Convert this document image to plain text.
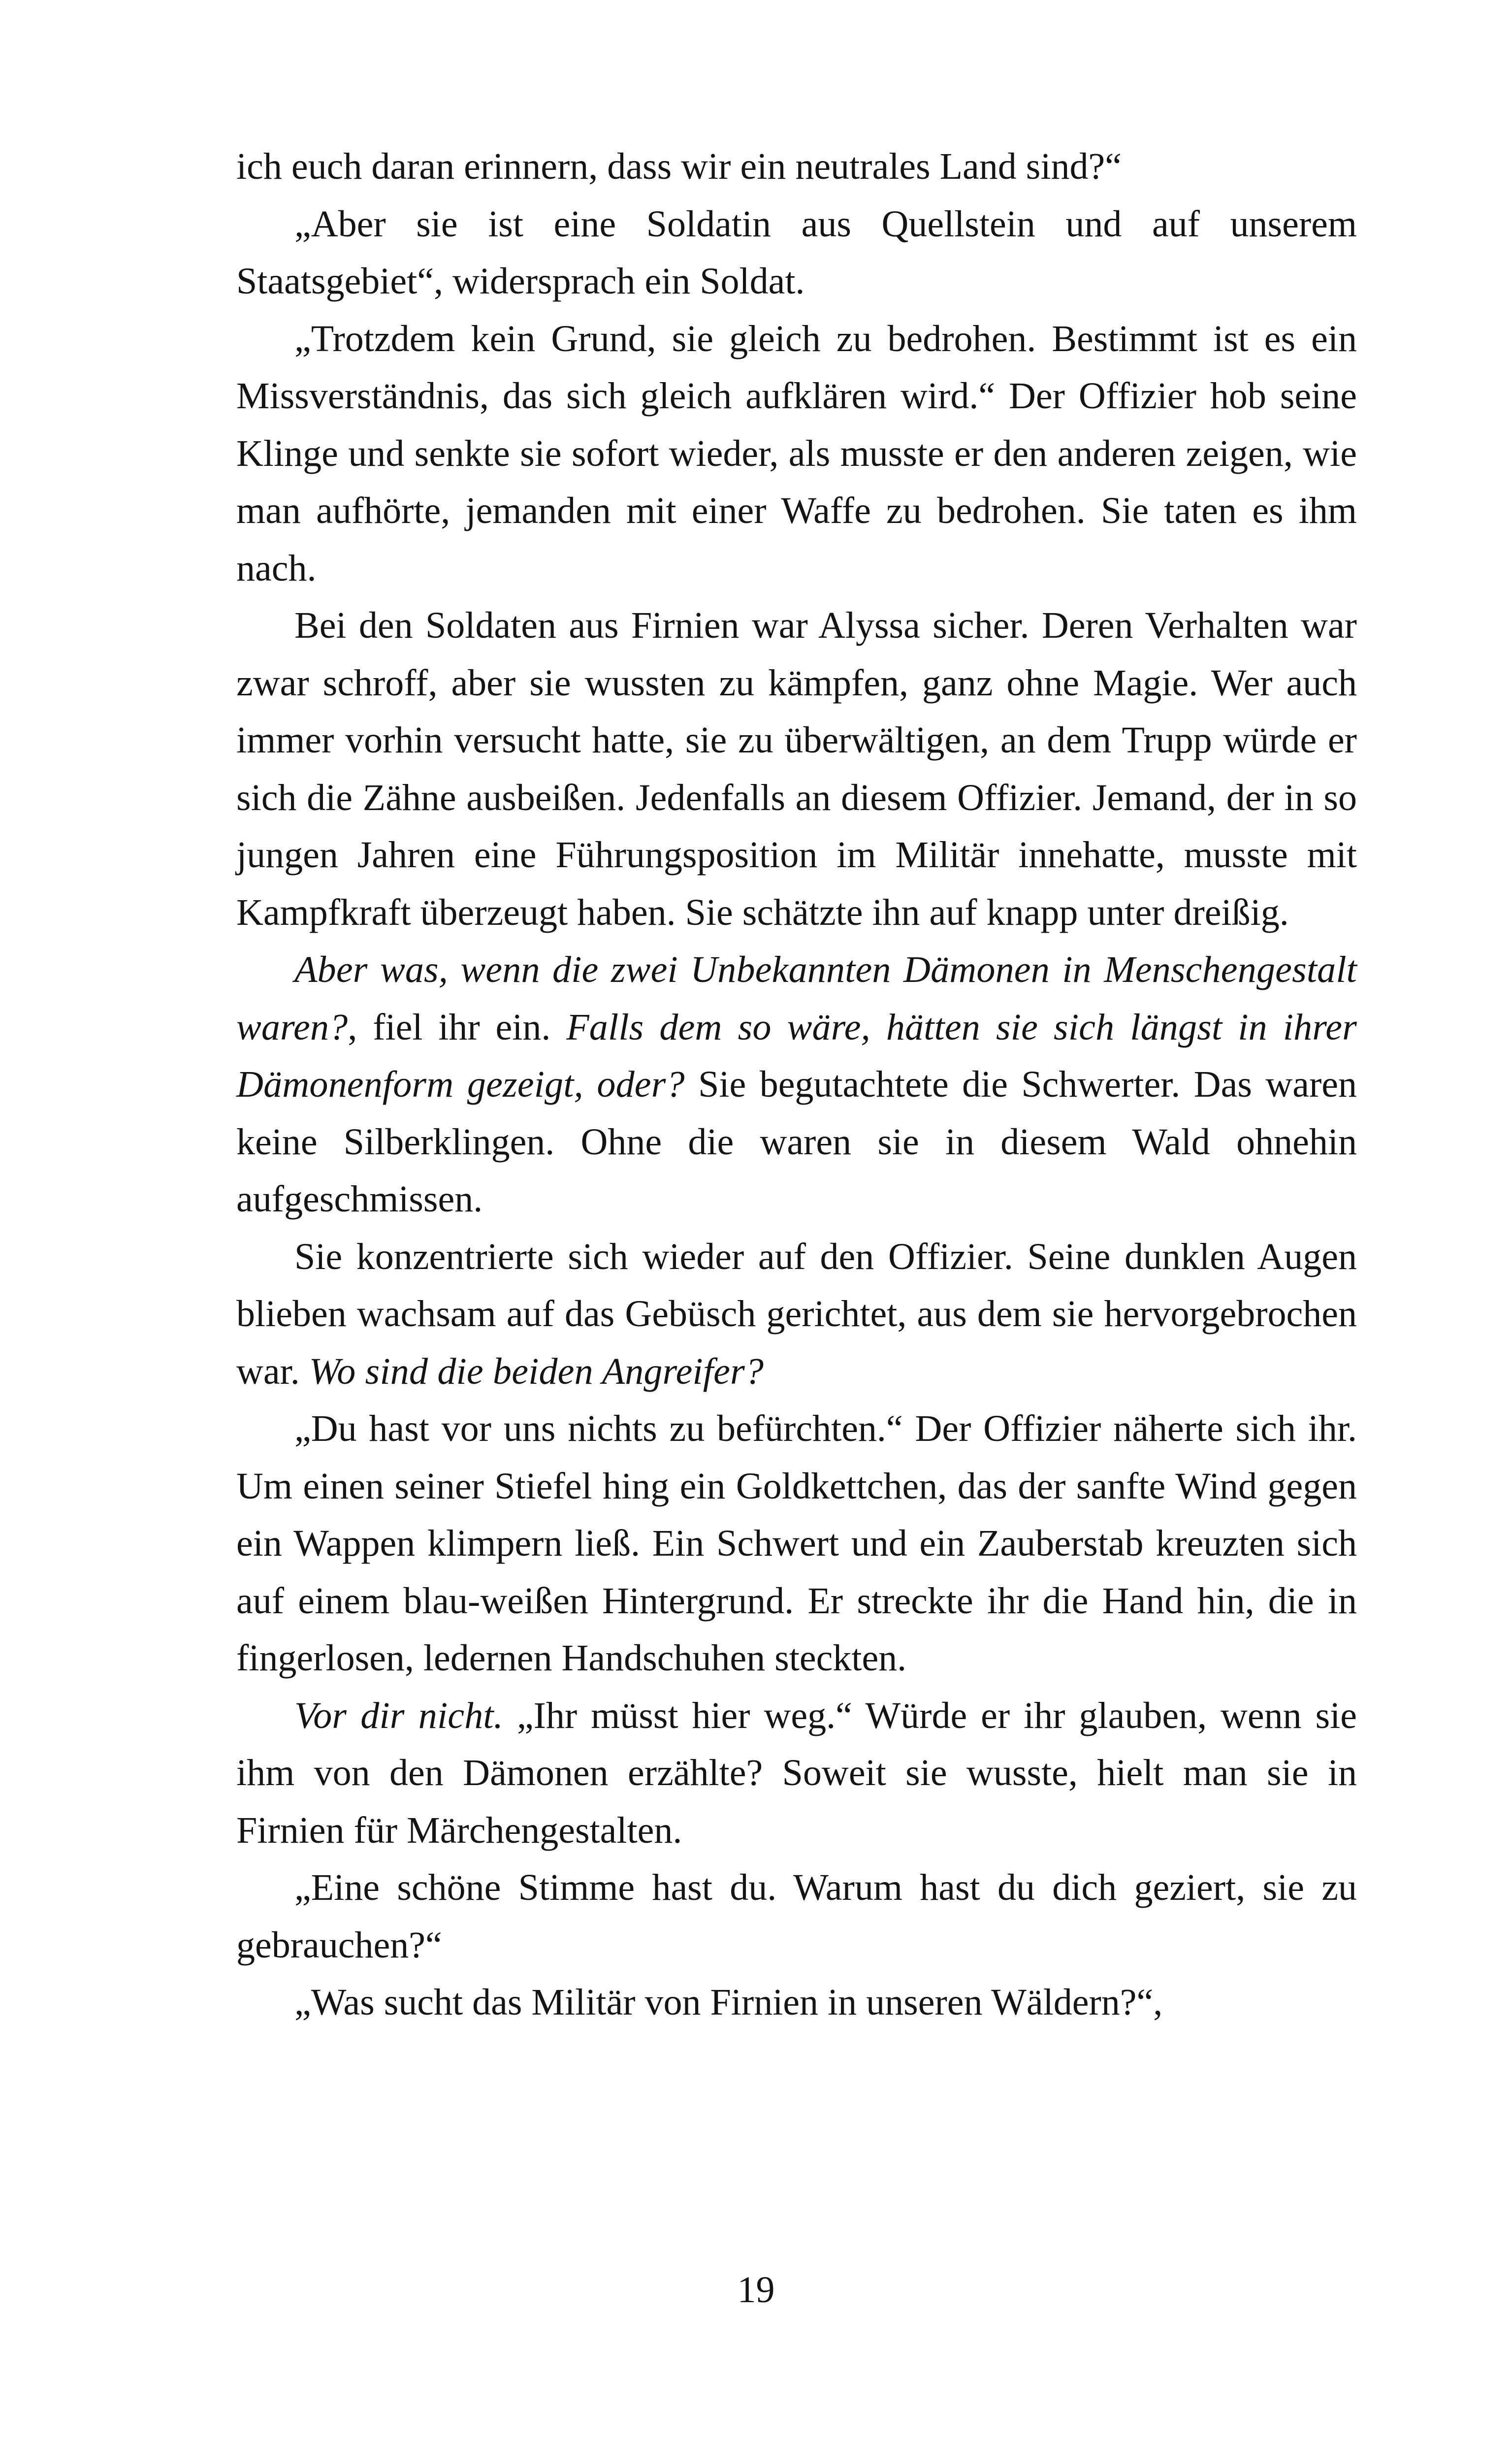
ich euch daran erinnern, dass wir ein neutrales Land sind?“

„Aber sie ist eine Soldatin aus Quellstein und auf unserem Staatsgebiet“, widersprach ein Soldat.

„Trotzdem kein Grund, sie gleich zu bedrohen. Bestimmt ist es ein Missverständnis, das sich gleich aufklären wird.“ Der Offizier hob seine Klinge und senkte sie sofort wieder, als musste er den anderen zeigen, wie man aufhörte, jemanden mit einer Waffe zu bedrohen. Sie taten es ihm nach.

Bei den Soldaten aus Firnien war Alyssa sicher. Deren Verhalten war zwar schroff, aber sie wussten zu kämpfen, ganz ohne Magie. Wer auch immer vorhin versucht hatte, sie zu überwältigen, an dem Trupp würde er sich die Zähne ausbeißen. Jedenfalls an diesem Offizier. Jemand, der in so jungen Jahren eine Führungsposition im Militär innehatte, musste mit Kampfkraft überzeugt haben. Sie schätzte ihn auf knapp unter dreißig.

Aber was, wenn die zwei Unbekannten Dämonen in Menschengestalt waren?, fiel ihr ein. Falls dem so wäre, hätten sie sich längst in ihrer Dämonenform gezeigt, oder? Sie begutachtete die Schwerter. Das waren keine Silberklingen. Ohne die waren sie in diesem Wald ohnehin aufgeschmissen.

Sie konzentrierte sich wieder auf den Offizier. Seine dunklen Augen blieben wachsam auf das Gebüsch gerichtet, aus dem sie hervorgebrochen war. Wo sind die beiden Angreifer?

„Du hast vor uns nichts zu befürchten.“ Der Offizier näherte sich ihr. Um einen seiner Stiefel hing ein Goldkettchen, das der sanfte Wind gegen ein Wappen klimpern ließ. Ein Schwert und ein Zauberstab kreuzten sich auf einem blau-weißen Hintergrund. Er streckte ihr die Hand hin, die in fingerlosen, ledernen Handschuhen steckten.

Vor dir nicht. „Ihr müsst hier weg.“ Würde er ihr glauben, wenn sie ihm von den Dämonen erzählte? Soweit sie wusste, hielt man sie in Firnien für Märchengestalten.

„Eine schöne Stimme hast du. Warum hast du dich geziert, sie zu gebrauchen?“

„Was sucht das Militär von Firnien in unseren Wäldern?“,

19
